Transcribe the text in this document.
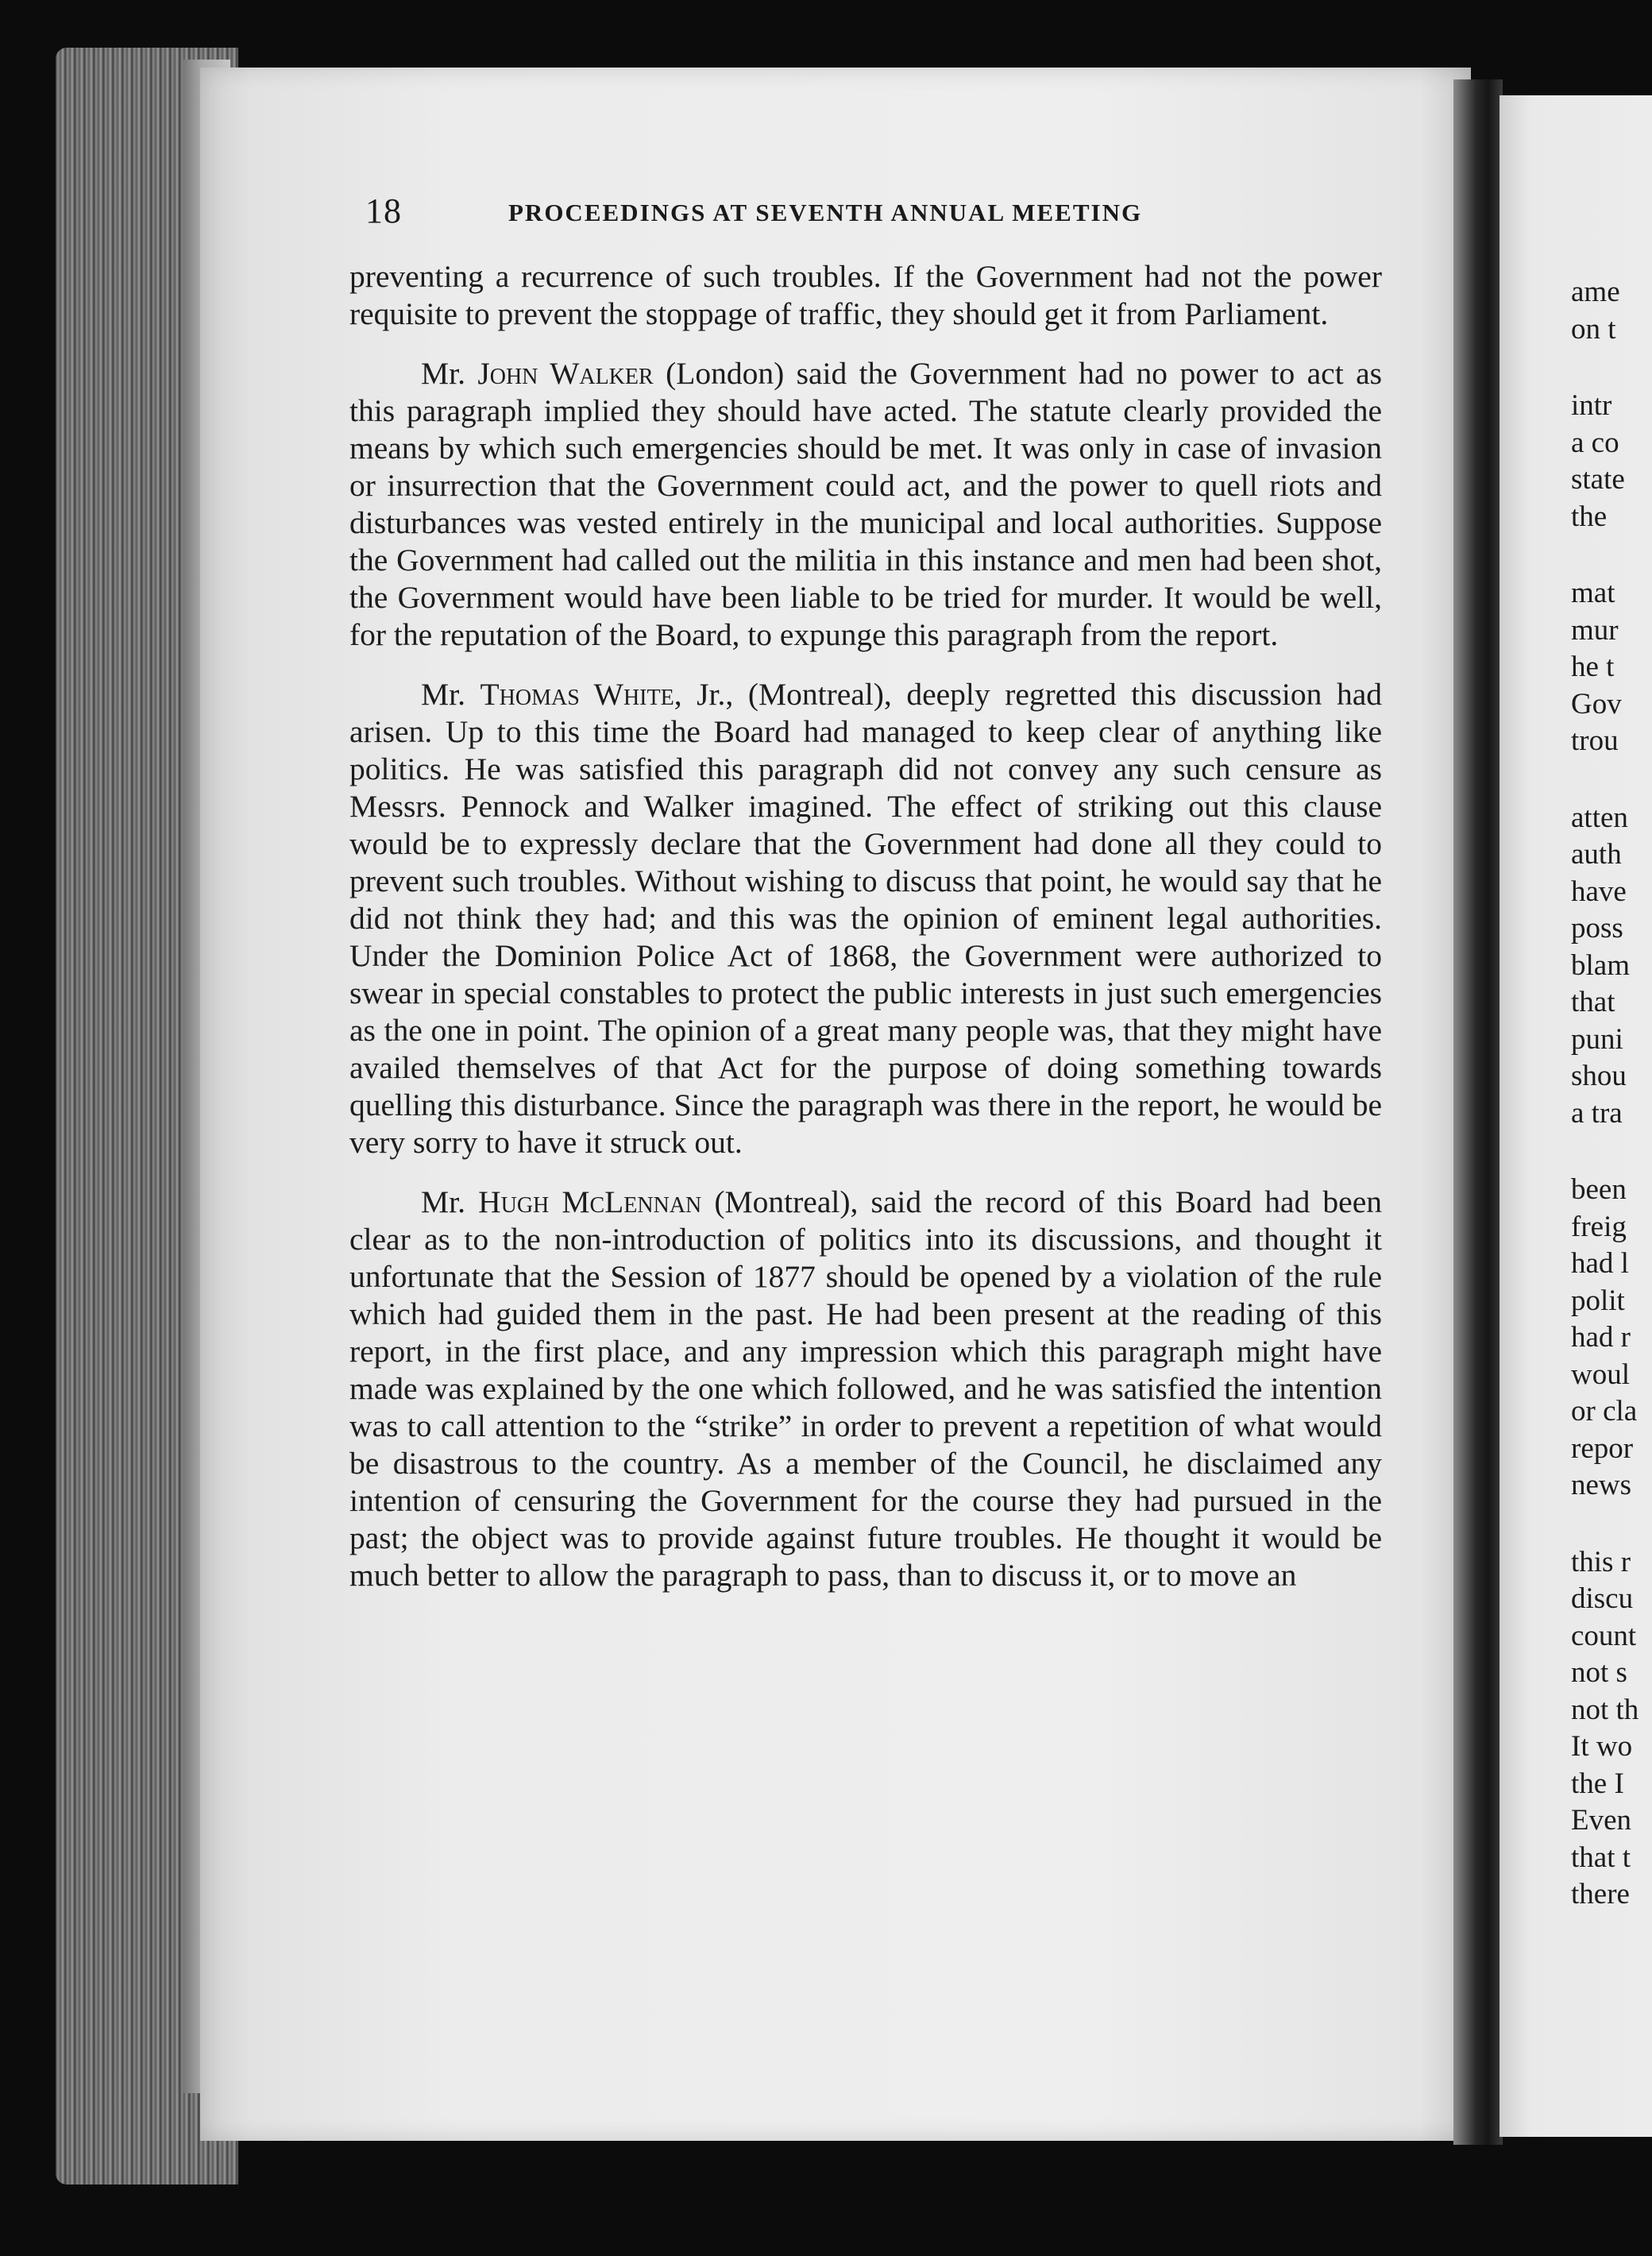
18	PROCEEDINGS AT SEVENTH ANNUAL MEETING

preventing a recurrence of such troubles. If the Government had not the power requisite to prevent the stoppage of traffic, they should get it from Parliament.

Mr. John Walker (London) said the Government had no power to act as this paragraph implied they should have acted. The statute clearly provided the means by which such emergencies should be met. It was only in case of invasion or insurrection that the Government could act, and the power to quell riots and disturbances was vested entirely in the municipal and local authorities. Suppose the Government had called out the militia in this instance and men had been shot, the Government would have been liable to be tried for murder. It would be well, for the reputation of the Board, to expunge this paragraph from the report.

Mr. Thomas White, Jr., (Montreal), deeply regretted this discussion had arisen. Up to this time the Board had managed to keep clear of anything like politics. He was satisfied this paragraph did not convey any such censure as Messrs. Pennock and Walker imagined. The effect of striking out this clause would be to expressly declare that the Government had done all they could to prevent such troubles. Without wishing to discuss that point, he would say that he did not think they had; and this was the opinion of eminent legal authorities. Under the Dominion Police Act of 1868, the Government were authorized to swear in special constables to protect the public interests in just such emergencies as the one in point. The opinion of a great many people was, that they might have availed themselves of that Act for the purpose of doing something towards quelling this disturbance. Since the paragraph was there in the report, he would be very sorry to have it struck out.

Mr. Hugh McLennan (Montreal), said the record of this Board had been clear as to the non-introduction of politics into its discussions, and thought it unfortunate that the Session of 1877 should be opened by a violation of the rule which had guided them in the past. He had been present at the reading of this report, in the first place, and any impression which this paragraph might have made was explained by the one which followed, and he was satisfied the intention was to call attention to the “strike” in order to prevent a repetition of what would be disastrous to the country. As a member of the Council, he disclaimed any intention of censuring the Government for the course they had pursued in the past; the object was to provide against future troubles. He thought it would be much better to allow the paragraph to pass, than to discuss it, or to move an

ame
on t
intr
a co
state
the
mat
mur
he t
Gov
trou
atten
auth
have
poss
blam
that
puni
shou
a tra
been
freig
had l
polit
had r
woul
or cla
repor
news
this r
discu
count
not s
not th
It wo
the I
Even
that t
there
